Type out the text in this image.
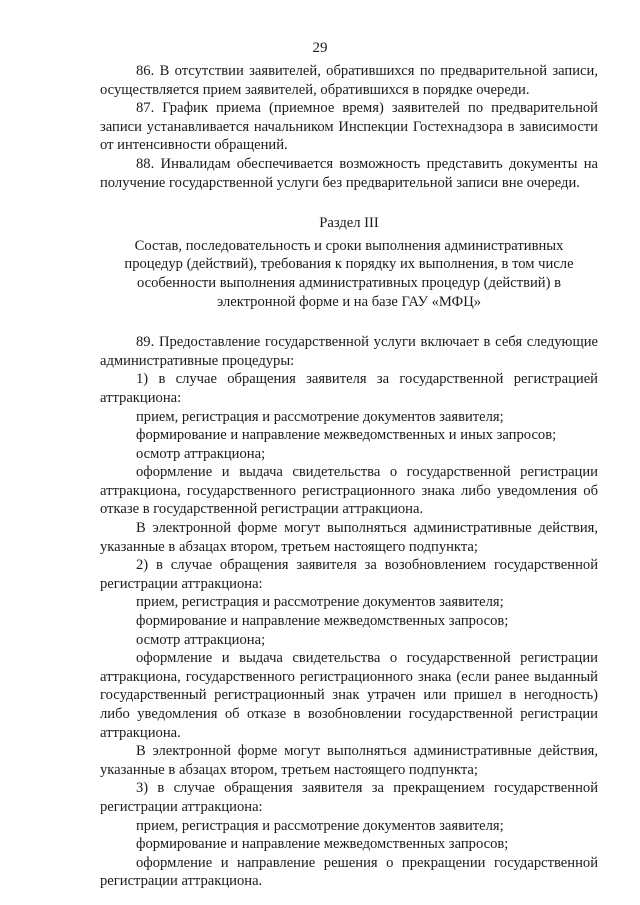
29

86. В отсутствии заявителей, обратившихся по предварительной записи, осуществляется прием заявителей, обратившихся в порядке очереди.

87. График приема (приемное время) заявителей по предварительной записи устанавливается начальником Инспекции Гостехнадзора в зависимости от интенсивности обращений.

88. Инвалидам обеспечивается возможность представить документы на получение государственной услуги без предварительной записи вне очереди.

Раздел III

Состав, последовательность и сроки выполнения административных процедур (действий), требования к порядку их выполнения, в том числе особенности выполнения административных процедур (действий) в электронной форме и на базе ГАУ «МФЦ»

89. Предоставление государственной услуги включает в себя следующие административные процедуры:

1) в случае обращения заявителя за государственной регистрацией аттракциона:

прием, регистрация и рассмотрение документов заявителя;

формирование и направление межведомственных и иных запросов;

осмотр аттракциона;

оформление и выдача свидетельства о государственной регистрации аттракциона, государственного регистрационного знака либо уведомления об отказе в государственной регистрации аттракциона.

В электронной форме могут выполняться административные действия, указанные в абзацах втором, третьем настоящего подпункта;

2) в случае обращения заявителя за возобновлением государственной регистрации аттракциона:

прием, регистрация и рассмотрение документов заявителя;

формирование и направление межведомственных запросов;

осмотр аттракциона;

оформление и выдача свидетельства о государственной регистрации аттракциона, государственного регистрационного знака (если ранее выданный государственный регистрационный знак утрачен или пришел в негодность) либо уведомления об отказе в возобновлении государственной регистрации аттракциона.

В электронной форме могут выполняться административные действия, указанные в абзацах втором, третьем настоящего подпункта;

3) в случае обращения заявителя за прекращением государственной регистрации аттракциона:

прием, регистрация и рассмотрение документов заявителя;

формирование и направление межведомственных запросов;

оформление и направление решения о прекращении государственной регистрации аттракциона.
